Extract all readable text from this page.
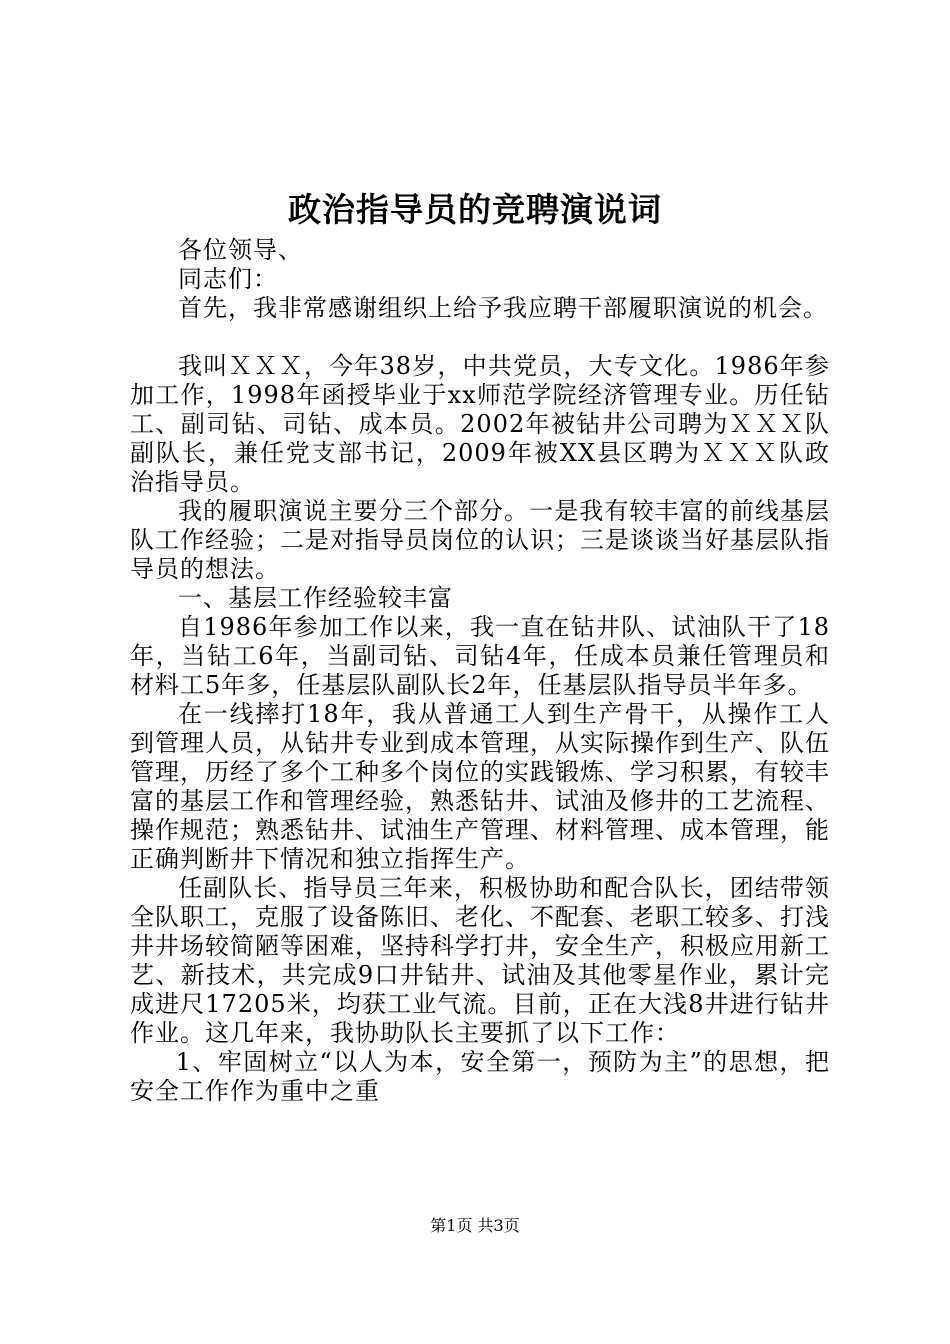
政治指导员的竞聘演说词

各位领导、

同志们：

首先，我非常感谢组织上给予我应聘干部履职演说的机会。

我叫ＸＸＸ，今年38岁，中共党员，大专文化。1986年参加工作，1998年函授毕业于xx师范学院经济管理专业。历任钻工、副司钻、司钻、成本员。2002年被钻井公司聘为ＸＸＸ队副队长，兼任党支部书记，2009年被XX县区聘为ＸＸＸ队政治指导员。

我的履职演说主要分三个部分。一是我有较丰富的前线基层队工作经验；二是对指导员岗位的认识；三是谈谈当好基层队指导员的想法。

一、基层工作经验较丰富

自1986年参加工作以来，我一直在钻井队、试油队干了18年，当钻工6年，当副司钻、司钻4年，任成本员兼任管理员和材料工5年多，任基层队副队长2年，任基层队指导员半年多。

在一线摔打18年，我从普通工人到生产骨干，从操作工人到管理人员，从钻井专业到成本管理，从实际操作到生产、队伍管理，历经了多个工种多个岗位的实践锻炼、学习积累，有较丰富的基层工作和管理经验，熟悉钻井、试油及修井的工艺流程、操作规范；熟悉钻井、试油生产管理、材料管理、成本管理，能正确判断井下情况和独立指挥生产。

任副队长、指导员三年来，积极协助和配合队长，团结带领全队职工，克服了设备陈旧、老化、不配套、老职工较多、打浅井井场较简陋等困难，坚持科学打井，安全生产，积极应用新工艺、新技术，共完成9口井钻井、试油及其他零星作业，累计完成进尺17205米，均获工业气流。目前，正在大浅8井进行钻井作业。这几年来，我协助队长主要抓了以下工作：

1、牢固树立“以人为本，安全第一，预防为主”的思想，把安全工作作为重中之重

第1页 共3页
